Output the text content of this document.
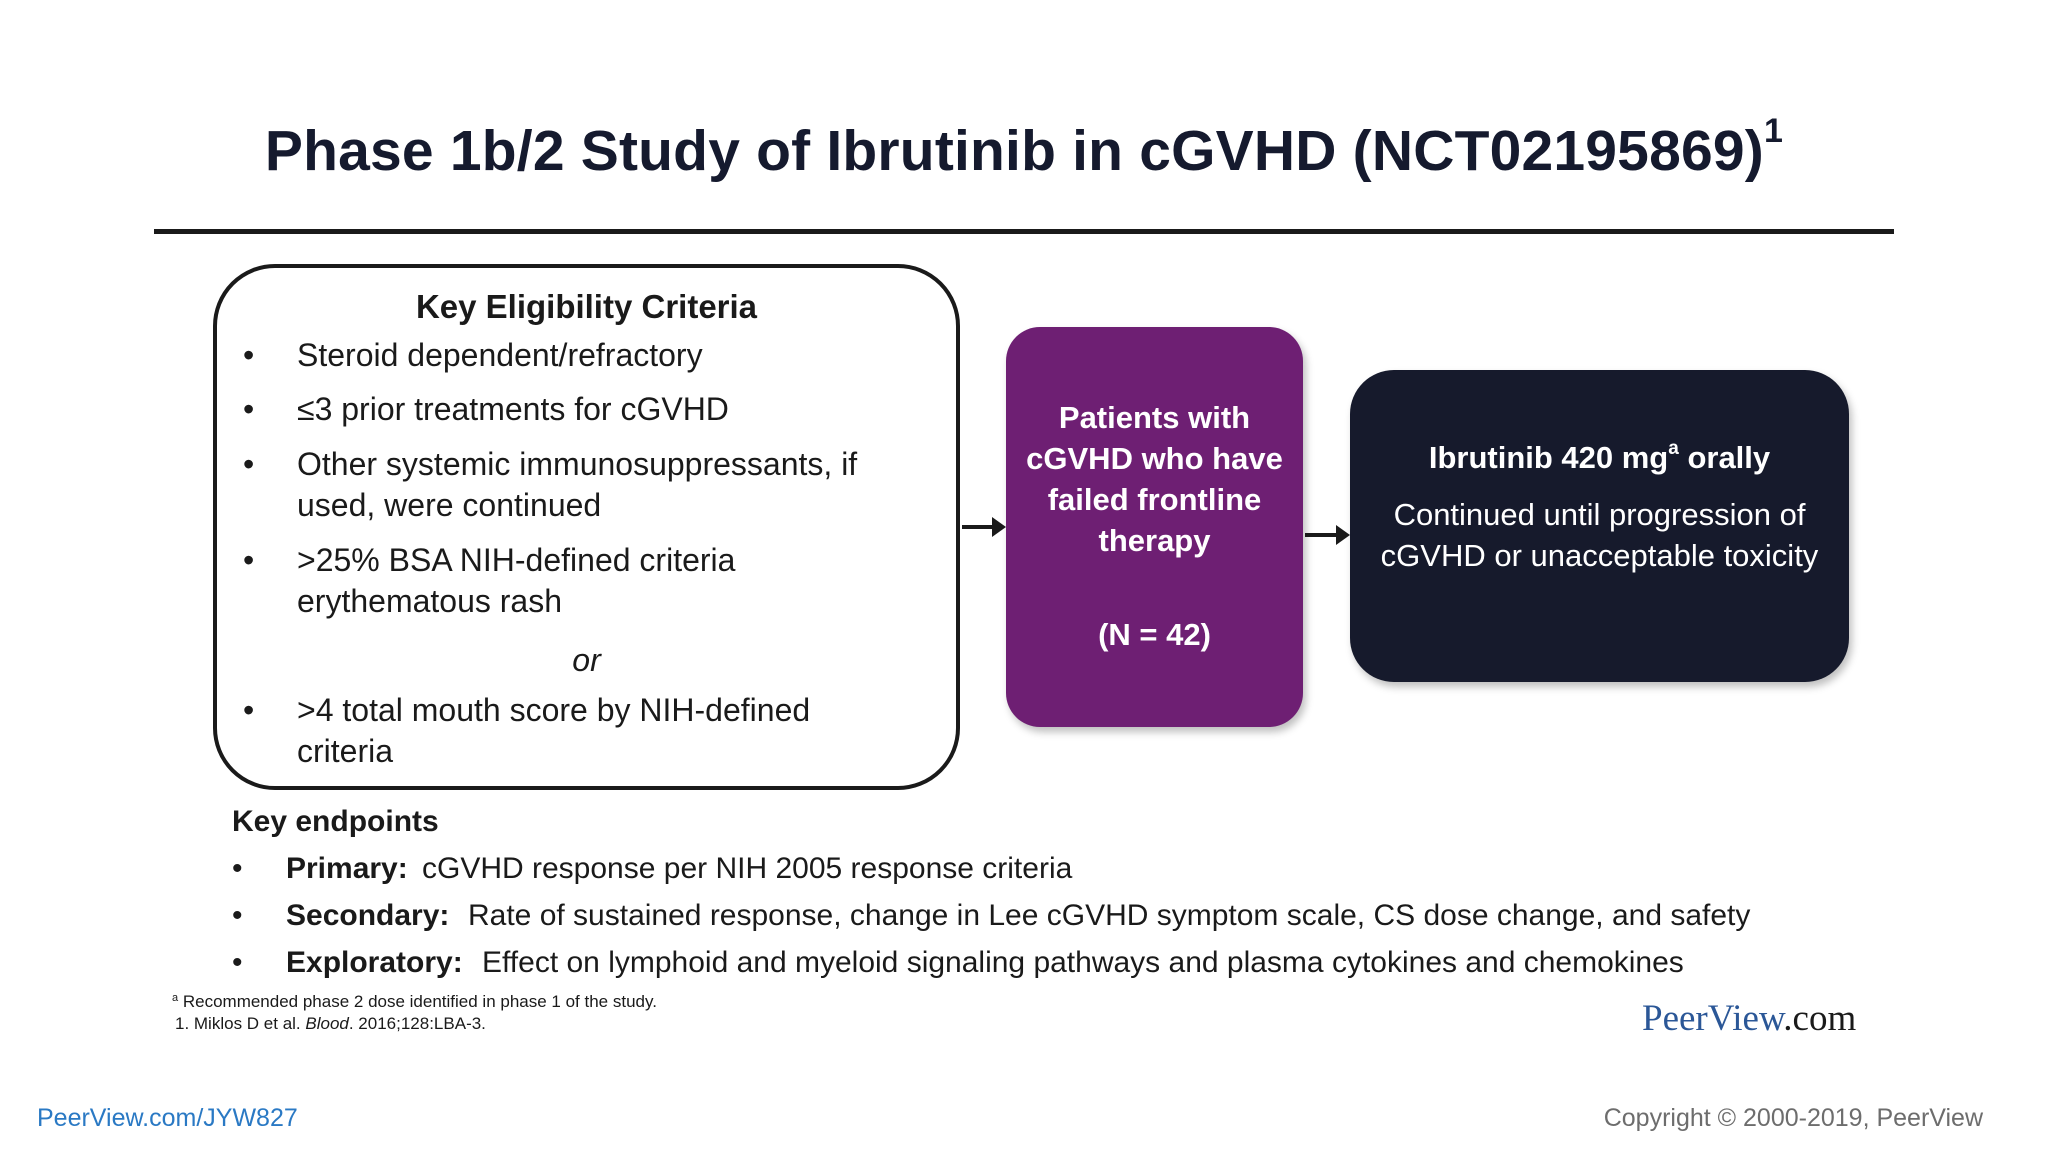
Phase 1b/2 Study of Ibrutinib in cGVHD $(NCT02195869)^1$
Key Eligibility Criteria
• Steroid dependent/refractory
• ≤3 prior treatments for cGVHD
• Other systemic immunosuppressants, if used, were continued
• >25% BSA NIH-defined criteria erythematous rash
or
• >4 total mouth score by NIH-defined criteria
Patients with cGVHD who have failed frontline therapy
(N = 42)
Ibrutinib 420 $mg^a$ orally
Continued until progression of cGVHD or unacceptable toxicity
Key endpoints
• Primary: cGVHD response per NIH 2005 response criteria
• Secondary: Rate of sustained response, change in Lee cGVHD symptom scale, CS dose change, and safety
• Exploratory: Effect on lymphoid and myeloid signaling pathways and plasma cytokines and chemokines
$^a$ Recommended phase 2 dose identified in phase 1 of the study.
1. Miklos D et al. Blood. 2016;128:LBA-3.	PeerView.com
PeerView.com/JYW827	Copyright © 2000-2019, PeerView
